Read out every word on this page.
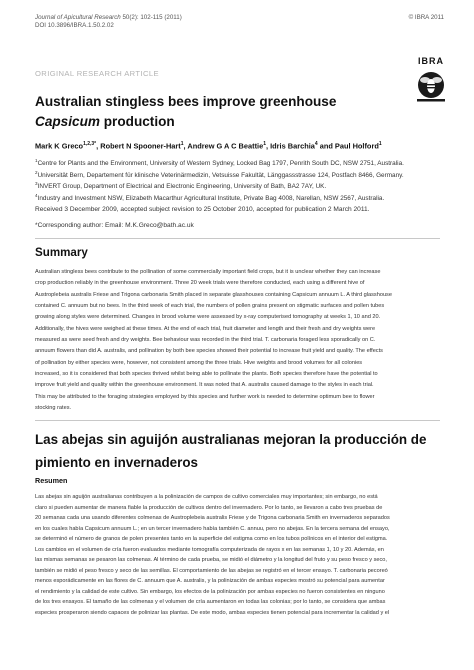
Journal of Apicultural Research 50(2): 102-115 (2011)
DOI 10.3896/IBRA.1.50.2.02
© IBRA 2011
IBRA
ORIGINAL RESEARCH ARTICLE
Australian stingless bees improve greenhouse
Capsicum production
Mark K Greco$^{1,2,3*}$, Robert N Spooner-Hart$^1$, Andrew G A C Beattie$^1$, Idris Barchia$^4$ and Paul Holford$^1$
$^1$Centre for Plants and the Environment, University of Western Sydney, Locked Bag 1797, Penrith South DC, NSW 2751, Australia.
$^2$Universität Bern, Departement für klinische Veterinärmedizin, Vetsuisse Fakultät, Länggassstrasse 124, Postfach 8466, Germany.
$^3$INVERT Group, Department of Electrical and Electronic Engineering, University of Bath, BA2 7AY, UK.
$^4$Industry and Investment NSW, Elizabeth Macarthur Agricultural Institute, Private Bag 4008, Narellan, NSW 2567, Australia.
Received 3 December 2009, accepted subject revision to 25 October 2010, accepted for publication 2 March 2011.
*Corresponding author: Email: M.K.Greco@bath.ac.uk
Summary
Australian stingless bees contribute to the pollination of some commercially important field crops, but it is unclear whether they can increase
crop production reliably in the greenhouse environment. Three 20 week trials were therefore conducted, each using a different hive of
Austroplebeia australis Friese and Trigona carbonaria Smith placed in separate glasshouses containing Capsicum annuum L. A third glasshouse
contained C. annuum but no bees. In the third week of each trial, the numbers of pollen grains present on stigmatic surfaces and pollen tubes
growing along styles were determined. Changes in brood volume were assessed by x-ray computerised tomography at weeks 1, 10 and 20.
Additionally, the hives were weighed at these times. At the end of each trial, fruit diameter and length and their fresh and dry weights were
measured as were seed fresh and dry weights. Bee behaviour was recorded in the third trial. T. carbonaria foraged less sporadically on C.
annuum flowers than did A. australis, and pollination by both bee species showed their potential to increase fruit yield and quality. The effects
of pollination by either species were, however, not consistent among the three trials. Hive weights and brood volumes for all colonies
increased, so it is considered that both species thrived whilst being able to pollinate the plants. Both species therefore have the potential to
improve fruit yield and quality within the greenhouse environment. It was noted that A. australis caused damage to the styles in each trial.
This may be attributed to the foraging strategies employed by this species and further work is needed to determine optimum bee to flower
stocking rates.
Las abejas sin aguijón australianas mejoran la producción de
pimiento en invernaderos
Resumen
Las abejas sin aguijón australianas contribuyen a la polinización de campos de cultivo comerciales muy importantes; sin embargo, no está
claro si pueden aumentar de manera fiable la producción de cultivos dentro del invernadero. Por lo tanto, se llevaron a cabo tres pruebas de
20 semanas cada una usando diferentes colmenas de Austroplebeia australis Friese y de Trigona carbonaria Smith en invernaderos separados
en los cuales había Capsicum annuum L.; en un tercer invernadero había también C. annuu, pero no abejas. En la tercera semana del ensayo,
se determinó el número de granos de polen presentes tanto en la superficie del estigma como en los tubos polínicos en el interior del estigma.
Los cambios en el volumen de cría fueron evaluados mediante tomografía computerizada de rayos x en las semanas 1, 10 y 20. Además, en
las mismas semanas se pesaron las colmenas. Al término de cada prueba, se midió el diámetro y la longitud del fruto y su peso fresco y seco,
también se midió el peso fresco y seco de las semillas. El comportamiento de las abejas se registró en el tercer ensayo. T. carbonaria pecoreó
menos esporádicamente en las flores de C. annuum que A. australis, y la polinización de ambas especies mostró su potencial para aumentar
el rendimiento y la calidad de este cultivo. Sin embargo, los efectos de la polinización por ambas especies no fueron consistentes en ninguno
de los tres ensayos. El tamaño de las colmenas y el volumen de cría aumentaron en todas las colonias; por lo tanto, se considera que ambas
especies prosperaron siendo capaces de polinizar las plantas. De este modo, ambas especies tienen potencial para incrementar la calidad y el
